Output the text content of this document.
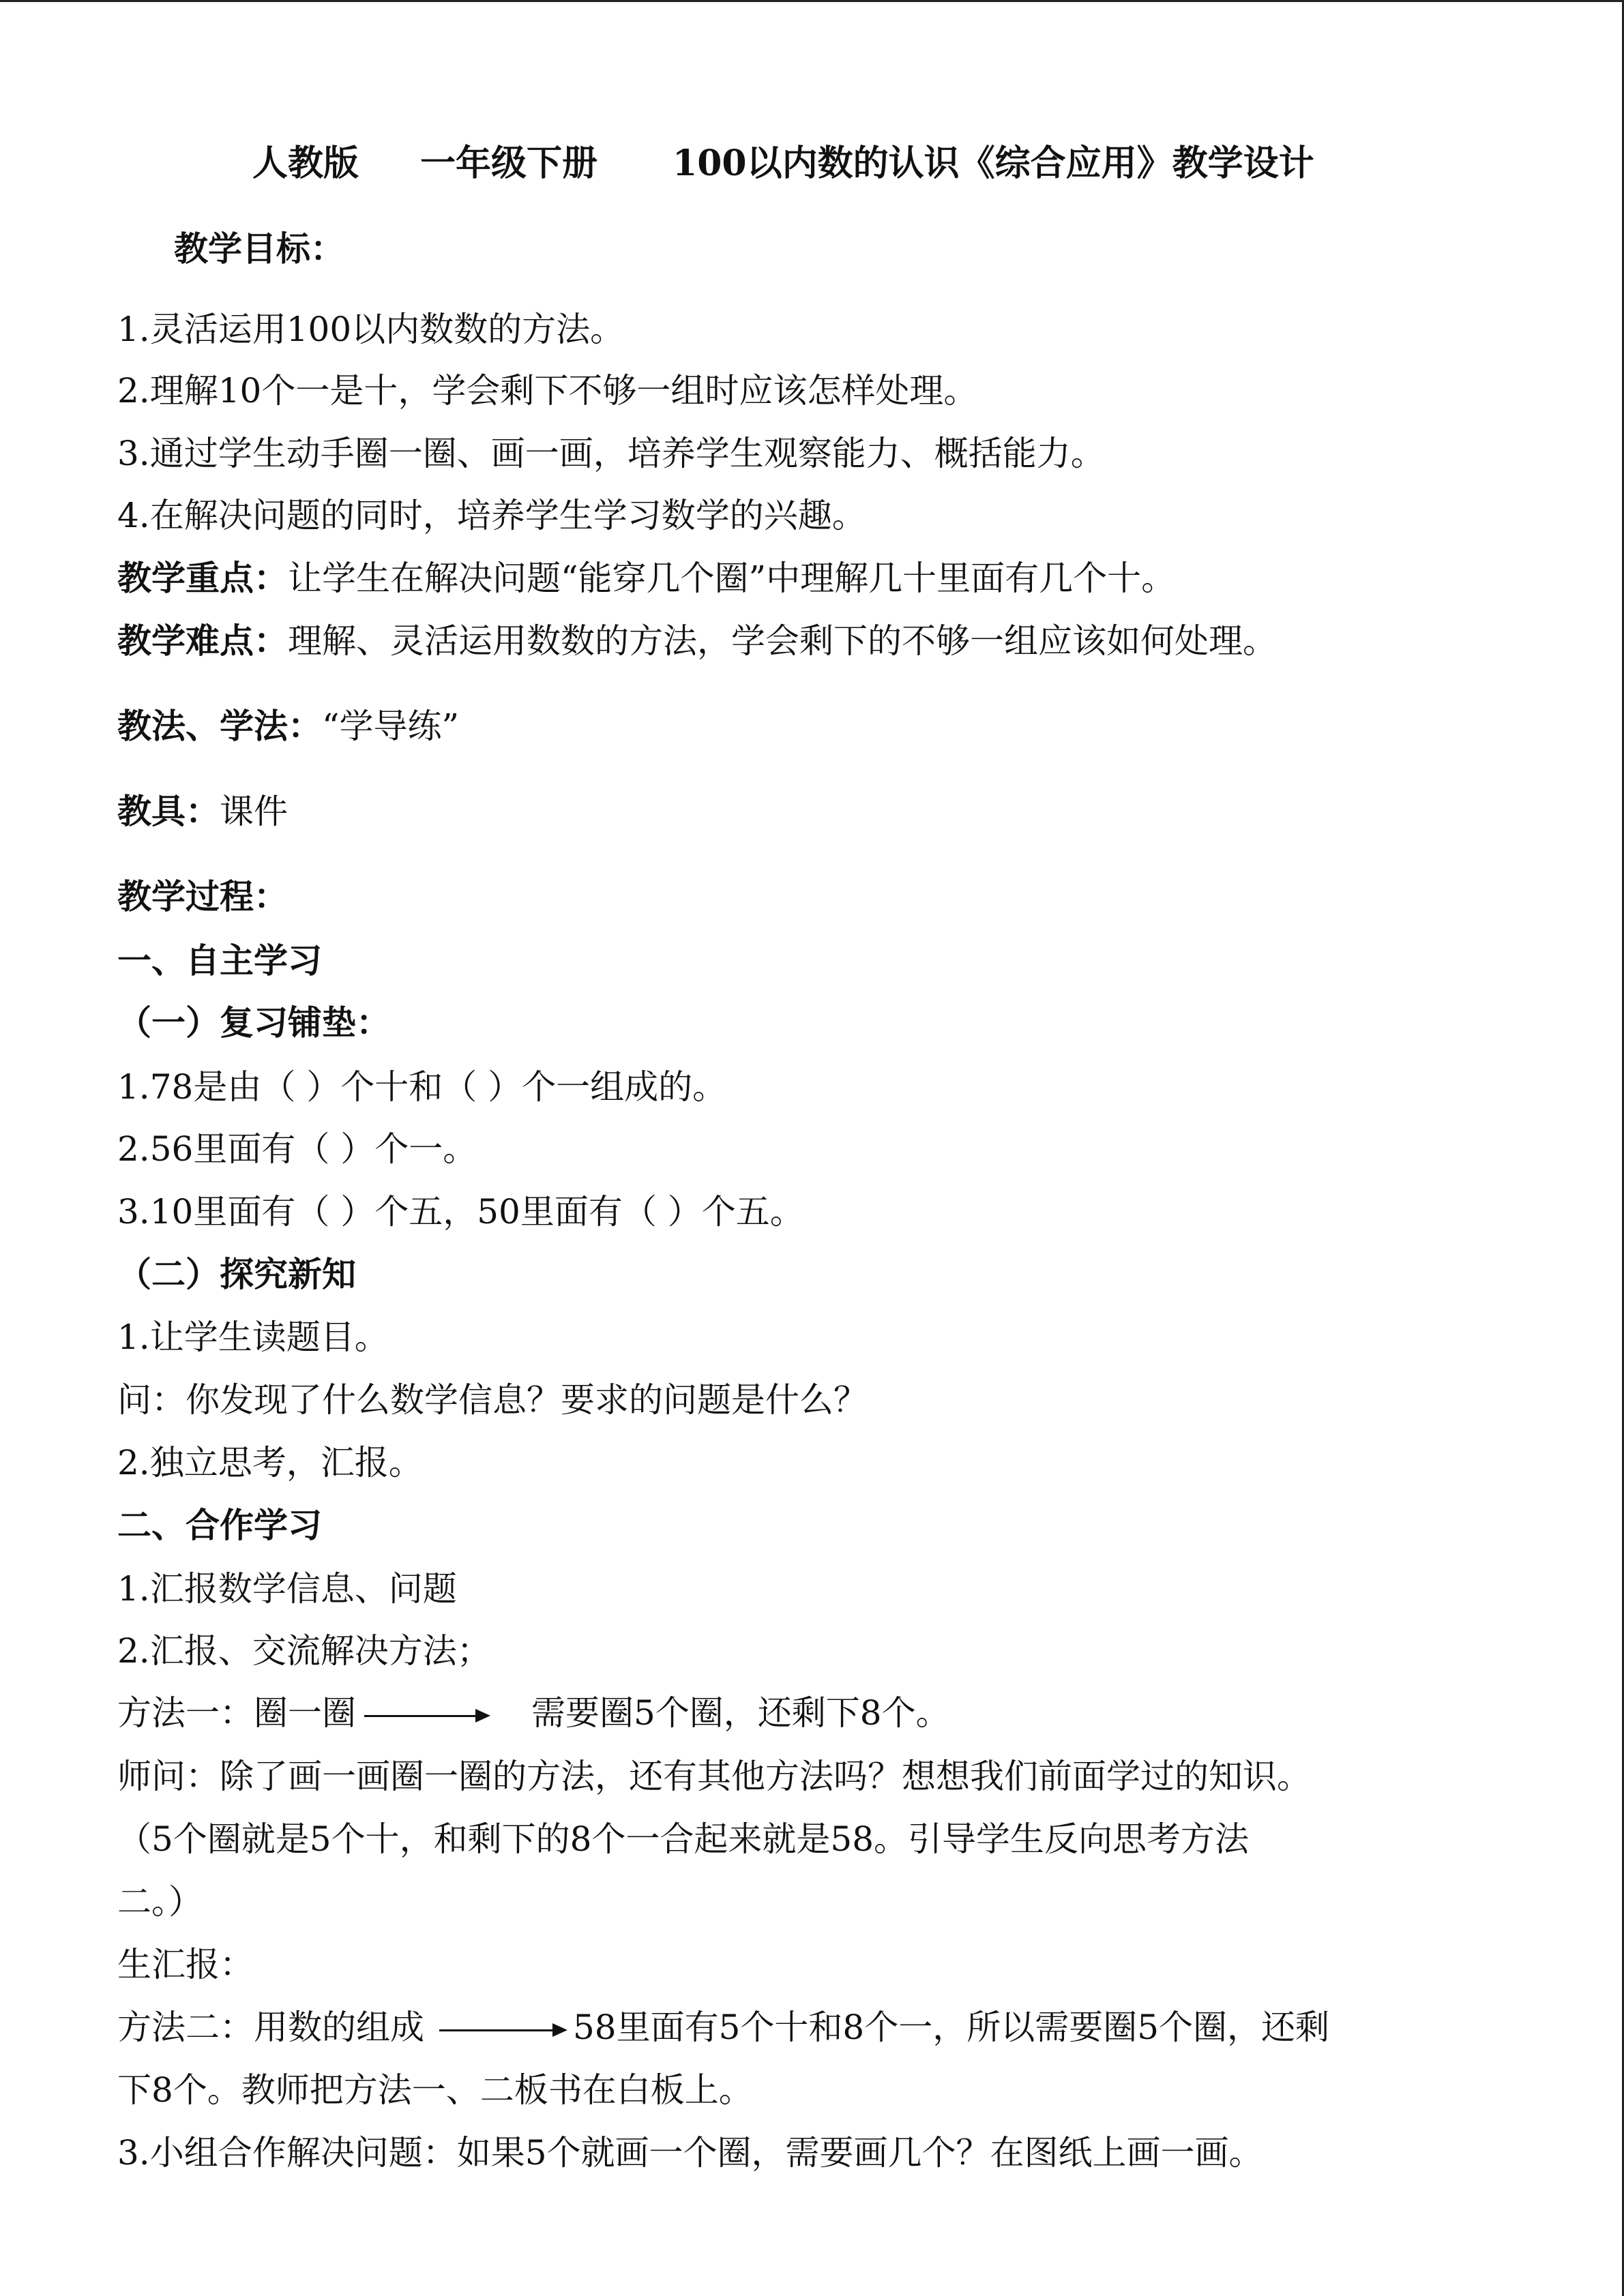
人教版 一年级下册 100以内数的认识《综合应用》教学设计
教学目标：
1.灵活运用100以内数数的方法。
2.理解10个一是十，学会剩下不够一组时应该怎样处理。
3.通过学生动手圈一圈、画一画，培养学生观察能力、概括能力。
4.在解决问题的同时，培养学生学习数学的兴趣。
教学重点：让学生在解决问题“能穿几个圈”中理解几十里面有几个十。
教学难点：理解、灵活运用数数的方法，学会剩下的不够一组应该如何处理。
教法、学法：“学导练”
教具：课件
教学过程：
一、自主学习
（一）复习铺垫：
1.78是由（ ）个十和（ ）个一组成的。
2.56里面有（ ）个一。
3.10里面有（ ）个五，50里面有（ ）个五。
（二）探究新知
1.让学生读题目。
问：你发现了什么数学信息？要求的问题是什么？
2.独立思考，汇报。
二、合作学习
1.汇报数学信息、问题
2.汇报、交流解决方法；
方法一：圈一圈	需要圈5个圈，还剩下8个。
师问：除了画一画圈一圈的方法，还有其他方法吗？想想我们前面学过的知识。
（5个圈就是5个十，和剩下的8个一合起来就是58。引导学生反向思考方法
二。）
生汇报：
方法二：用数的组成	58里面有5个十和8个一，所以需要圈5个圈，还剩
下8个。教师把方法一、二板书在白板上。
3.小组合作解决问题：如果5个就画一个圈，需要画几个？在图纸上画一画。
